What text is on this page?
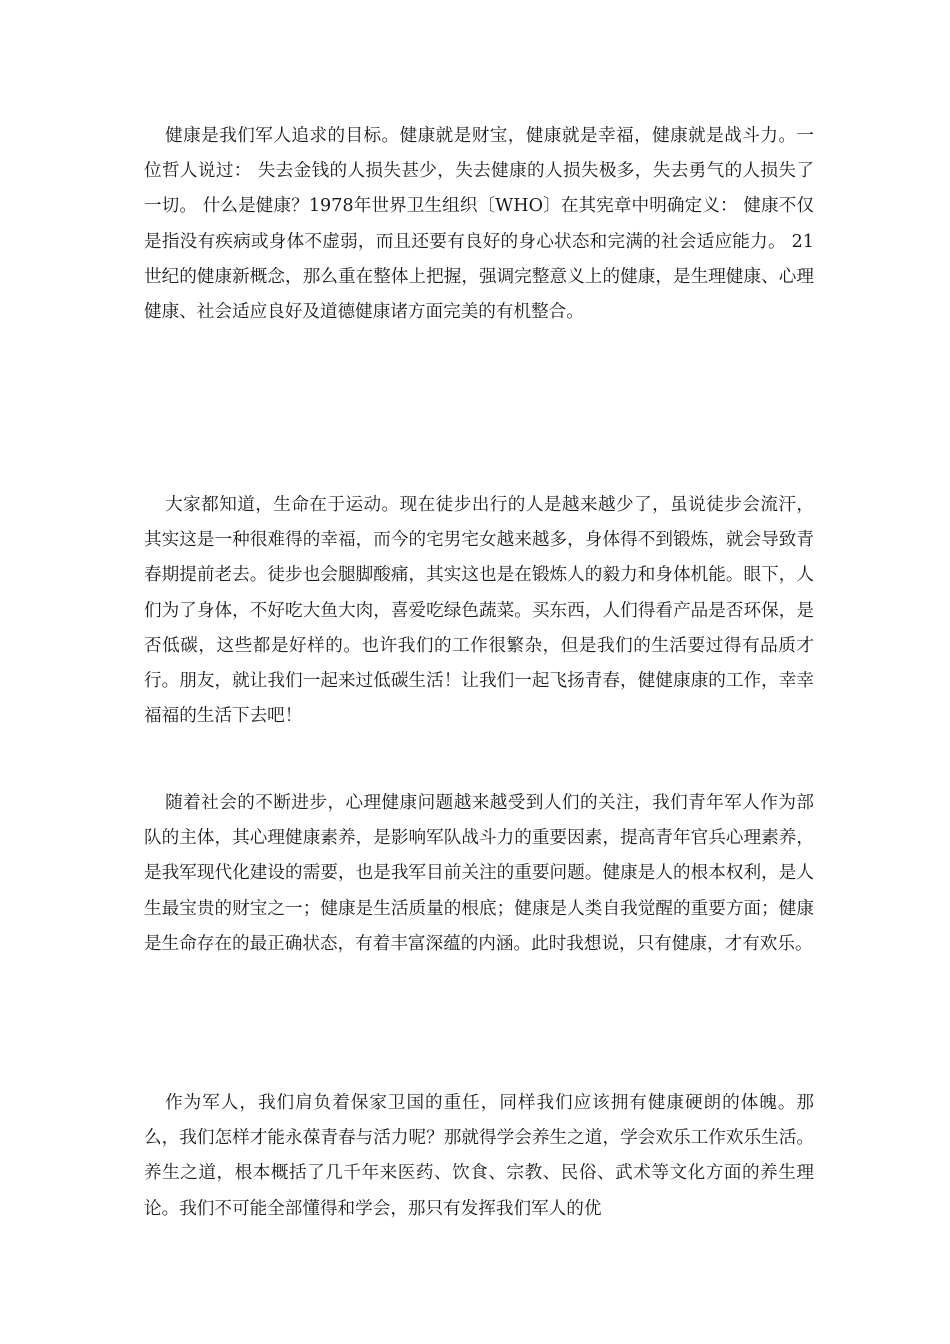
健康是我们军人追求的目标。健康就是财宝，健康就是幸福，健康就是战斗力。一位哲人说过： 失去金钱的人损失甚少，失去健康的人损失极多，失去勇气的人损失了一切。 什么是健康？1978年世界卫生组织〔WHO〕在其宪章中明确定义： 健康不仅是指没有疾病或身体不虚弱，而且还要有良好的身心状态和完满的社会适应能力。 21世纪的健康新概念，那么重在整体上把握，强调完整意义上的健康，是生理健康、心理健康、社会适应良好及道德健康诸方面完美的有机整合。

大家都知道，生命在于运动。现在徒步出行的人是越来越少了，虽说徒步会流汗，其实这是一种很难得的幸福，而今的宅男宅女越来越多，身体得不到锻炼，就会导致青春期提前老去。徒步也会腿脚酸痛，其实这也是在锻炼人的毅力和身体机能。眼下，人们为了身体，不好吃大鱼大肉，喜爱吃绿色蔬菜。买东西，人们得看产品是否环保，是否低碳，这些都是好样的。也许我们的工作很繁杂，但是我们的生活要过得有品质才行。朋友，就让我们一起来过低碳生活！让我们一起飞扬青春，健健康康的工作，幸幸福福的生活下去吧！

随着社会的不断进步，心理健康问题越来越受到人们的关注，我们青年军人作为部队的主体，其心理健康素养，是影响军队战斗力的重要因素，提高青年官兵心理素养，是我军现代化建设的需要，也是我军目前关注的重要问题。健康是人的根本权利，是人生最宝贵的财宝之一；健康是生活质量的根底；健康是人类自我觉醒的重要方面；健康是生命存在的最正确状态，有着丰富深蕴的内涵。此时我想说，只有健康，才有欢乐。

作为军人，我们肩负着保家卫国的重任，同样我们应该拥有健康硬朗的体魄。那么，我们怎样才能永葆青春与活力呢？那就得学会养生之道，学会欢乐工作欢乐生活。养生之道，根本概括了几千年来医药、饮食、宗教、民俗、武术等文化方面的养生理论。我们不可能全部懂得和学会，那只有发挥我们军人的优
